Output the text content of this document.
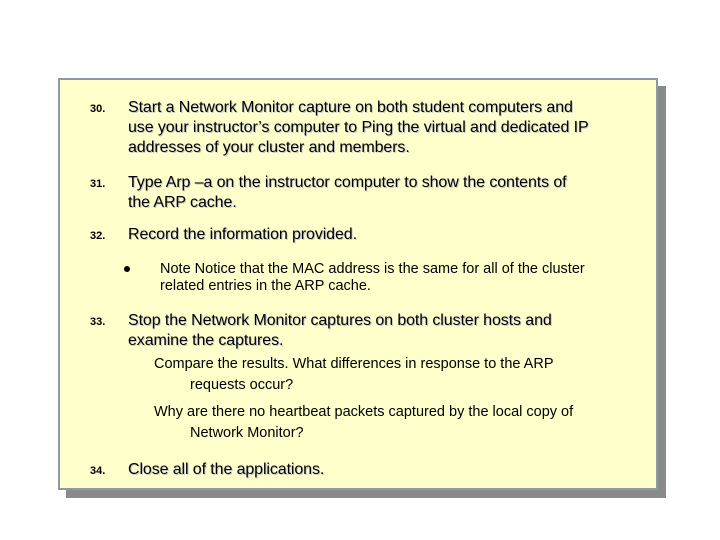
30. Start a Network Monitor capture on both student computers and
use your instructor’s computer to Ping the virtual and dedicated IP
addresses of your cluster and members.
31. Type Arp –a on the instructor computer to show the contents of
the ARP cache.
32. Record the information provided.
Note Notice that the MAC address is the same for all of the cluster
related entries in the ARP cache.
33. Stop the Network Monitor captures on both cluster hosts and
examine the captures.
Compare the results. What differences in response to the ARP
requests occur?
Why are there no heartbeat packets captured by the local copy of
Network Monitor?
34. Close all of the applications.
